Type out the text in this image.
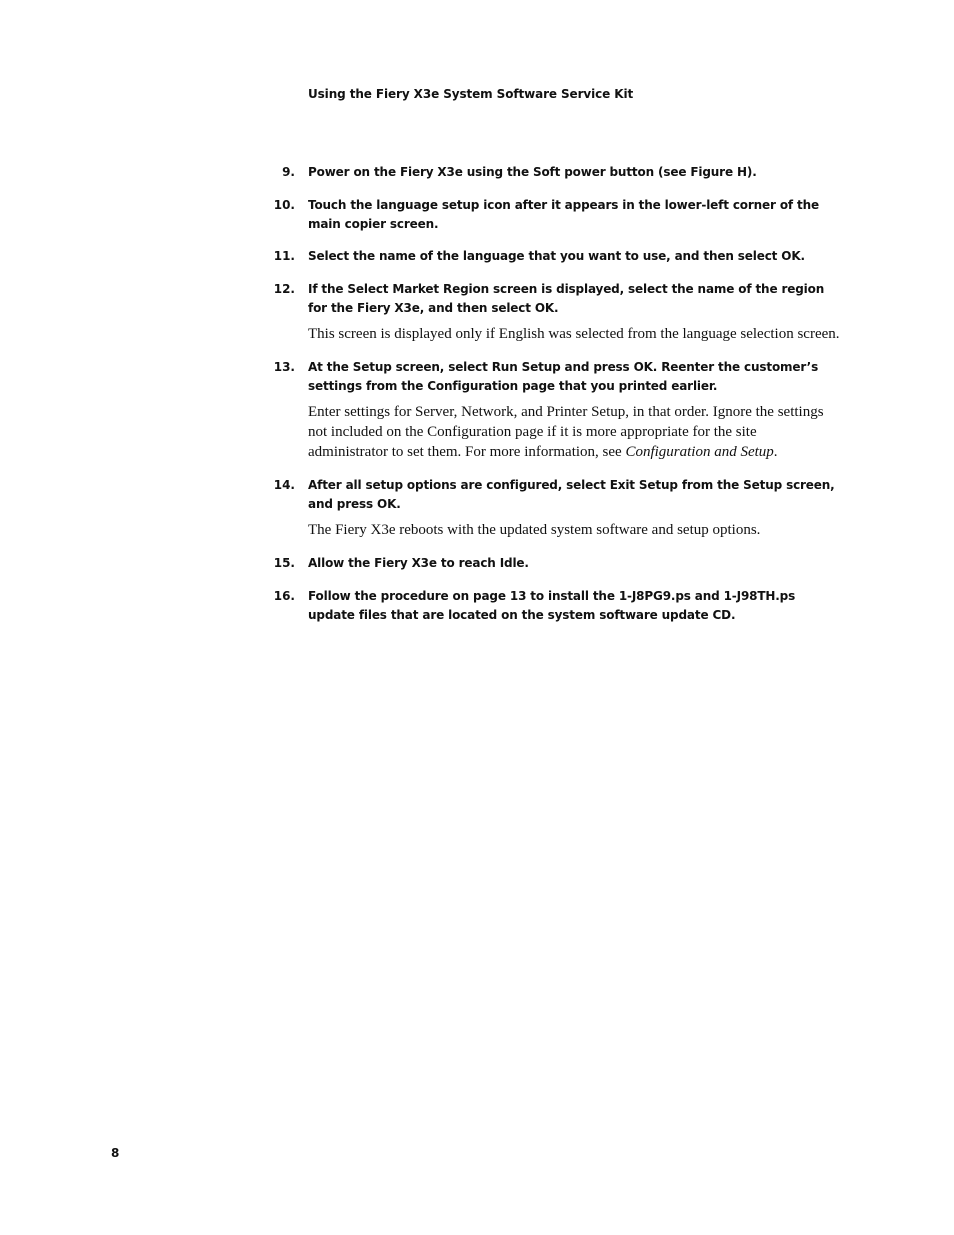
Using the Fiery X3e System Software Service Kit
9. Power on the Fiery X3e using the Soft power button (see Figure H).
10. Touch the language setup icon after it appears in the lower-left corner of the main copier screen.
11. Select the name of the language that you want to use, and then select OK.
12. If the Select Market Region screen is displayed, select the name of the region for the Fiery X3e, and then select OK.
This screen is displayed only if English was selected from the language selection screen.
13. At the Setup screen, select Run Setup and press OK. Reenter the customer’s settings from the Configuration page that you printed earlier.
Enter settings for Server, Network, and Printer Setup, in that order. Ignore the settings not included on the Configuration page if it is more appropriate for the site administrator to set them. For more information, see Configuration and Setup.
14. After all setup options are configured, select Exit Setup from the Setup screen, and press OK.
The Fiery X3e reboots with the updated system software and setup options.
15. Allow the Fiery X3e to reach Idle.
16. Follow the procedure on page 13 to install the 1-J8PG9.ps and 1-J98TH.ps update files that are located on the system software update CD.
8
